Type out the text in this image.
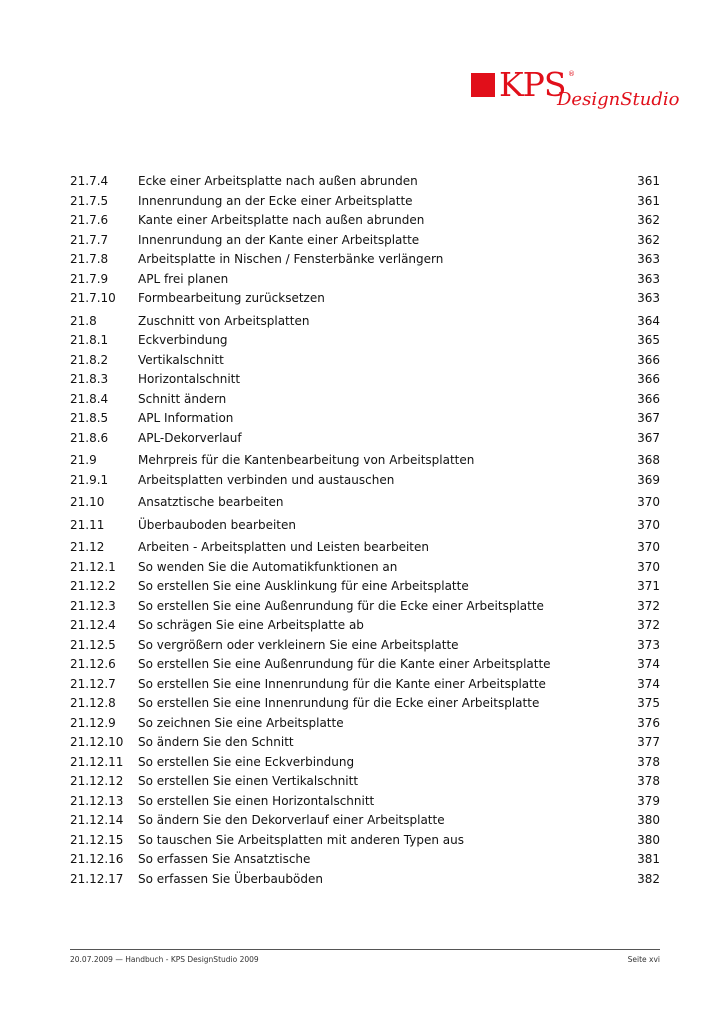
KPS ®
DesignStudio
21.7.4	Ecke einer Arbeitsplatte nach außen abrunden	361
21.7.5	Innenrundung an der Ecke einer Arbeitsplatte	361
21.7.6	Kante einer Arbeitsplatte nach außen abrunden	362
21.7.7	Innenrundung an der Kante einer Arbeitsplatte	362
21.7.8	Arbeitsplatte in Nischen / Fensterbänke verlängern	363
21.7.9	APL frei planen	363
21.7.10	Formbearbeitung zurücksetzen	363
21.8	Zuschnitt von Arbeitsplatten	364
21.8.1	Eckverbindung	365
21.8.2	Vertikalschnitt	366
21.8.3	Horizontalschnitt	366
21.8.4	Schnitt ändern	366
21.8.5	APL Information	367
21.8.6	APL-Dekorverlauf	367
21.9	Mehrpreis für die Kantenbearbeitung von Arbeitsplatten	368
21.9.1	Arbeitsplatten verbinden und austauschen	369
21.10	Ansatztische bearbeiten	370
21.11	Überbauboden bearbeiten	370
21.12	Arbeiten - Arbeitsplatten und Leisten bearbeiten	370
21.12.1	So wenden Sie die Automatikfunktionen an	370
21.12.2	So erstellen Sie eine Ausklinkung für eine Arbeitsplatte	371
21.12.3	So erstellen Sie eine Außenrundung für die Ecke einer Arbeitsplatte	372
21.12.4	So schrägen Sie eine Arbeitsplatte ab	372
21.12.5	So vergrößern oder verkleinern Sie eine Arbeitsplatte	373
21.12.6	So erstellen Sie eine Außenrundung für die Kante einer Arbeitsplatte	374
21.12.7	So erstellen Sie eine Innenrundung für die Kante einer Arbeitsplatte	374
21.12.8	So erstellen Sie eine Innenrundung für die Ecke einer Arbeitsplatte	375
21.12.9	So zeichnen Sie eine Arbeitsplatte	376
21.12.10	So ändern Sie den Schnitt	377
21.12.11	So erstellen Sie eine Eckverbindung	378
21.12.12	So erstellen Sie einen Vertikalschnitt	378
21.12.13	So erstellen Sie einen Horizontalschnitt	379
21.12.14	So ändern Sie den Dekorverlauf einer Arbeitsplatte	380
21.12.15	So tauschen Sie Arbeitsplatten mit anderen Typen aus	380
21.12.16	So erfassen Sie Ansatztische	381
21.12.17	So erfassen Sie Überbauböden	382
20.07.2009 — Handbuch - KPS DesignStudio 2009	Seite xvi
